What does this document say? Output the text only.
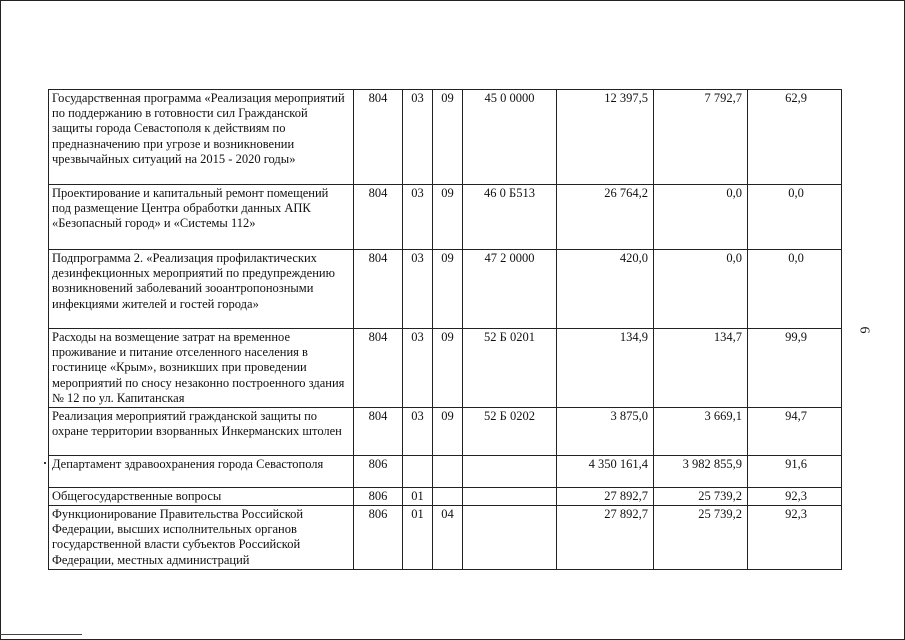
Государственная программа «Реализация мероприятий по поддержанию в готовности сил Гражданской защиты города Севастополя к действиям по предназначению при угрозе и возникновении чрезвычайных ситуаций на 2015 - 2020 годы»	804	03	09	45 0 0000	12 397,5	7 792,7	62,9
Проектирование и капитальный ремонт помещений под размещение Центра обработки данных АПК «Безопасный город» и «Системы 112»	804	03	09	46 0 Б513	26 764,2	0,0	0,0
Подпрограмма 2. «Реализация профилактических дезинфекционных мероприятий по предупреждению возникновений заболеваний зооантропонозными инфекциями жителей и гостей города»	804	03	09	47 2 0000	420,0	0,0	0,0
Расходы на возмещение затрат на временное проживание и питание отселенного населения в гостинице «Крым», возникших при проведении мероприятий по сносу незаконно построенного здания № 12 по ул. Капитанская	804	03	09	52 Б 0201	134,9	134,7	99,9
Реализация мероприятий гражданской защиты по охране территории взорванных Инкерманских штолен	804	03	09	52 Б 0202	3 875,0	3 669,1	94,7
Департамент здравоохранения города Севастополя	806				4 350 161,4	3 982 855,9	91,6
Общегосударственные вопросы	806	01			27 892,7	25 739,2	92,3
Функционирование Правительства Российской Федерации, высших исполнительных органов государственной власти субъектов Российской Федерации, местных администраций	806	01	04		27 892,7	25 739,2	92,3
6
